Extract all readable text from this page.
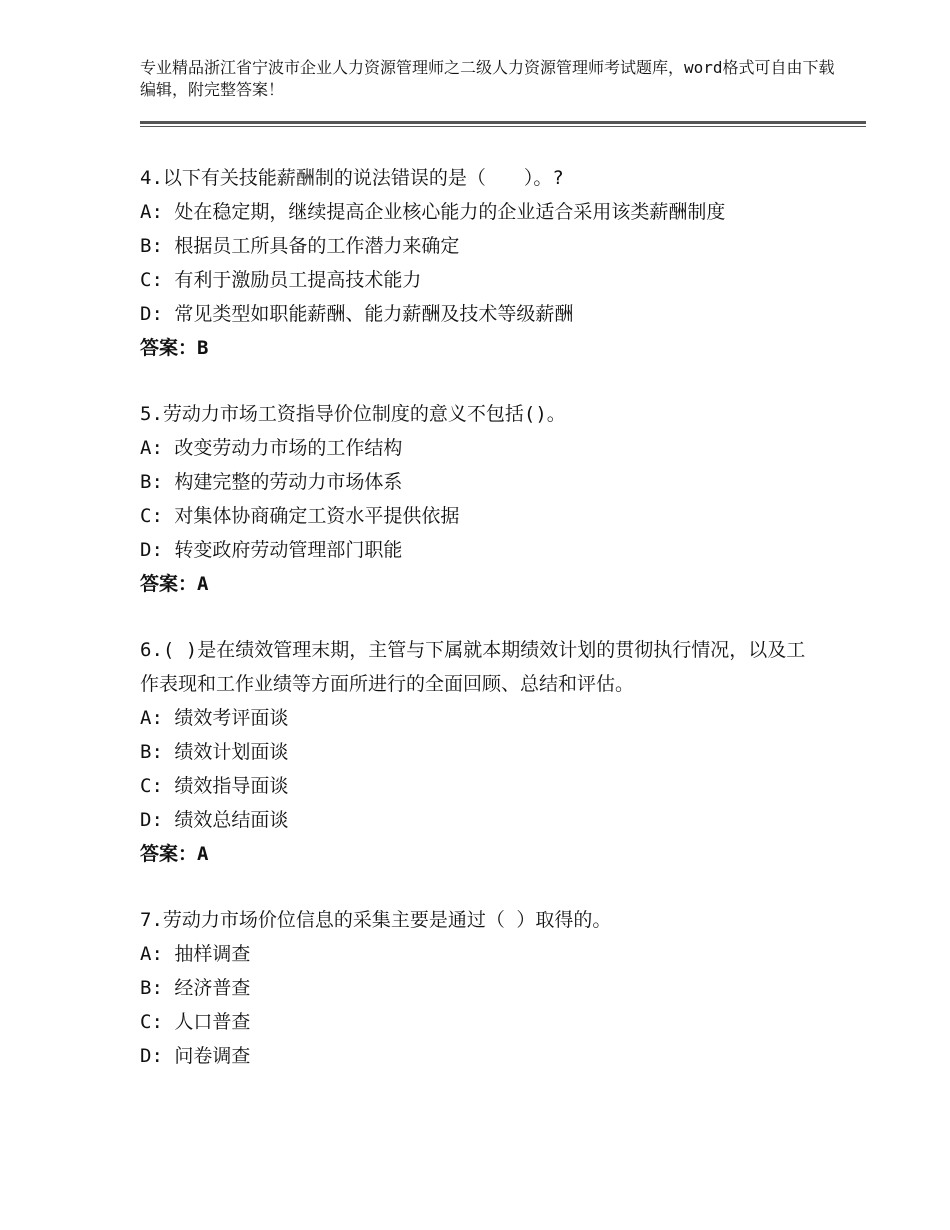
专业精品浙江省宁波市企业人力资源管理师之二级人力资源管理师考试题库，word格式可自由下载编辑，附完整答案！

4.以下有关技能薪酬制的说法错误的是（　　）。?

A: 处在稳定期，继续提高企业核心能力的企业适合采用该类薪酬制度

B: 根据员工所具备的工作潜力来确定

C: 有利于激励员工提高技术能力

D: 常见类型如职能薪酬、能力薪酬及技术等级薪酬

答案：B

5.劳动力市场工资指导价位制度的意义不包括()。

A: 改变劳动力市场的工作结构

B: 构建完整的劳动力市场体系

C: 对集体协商确定工资水平提供依据

D: 转变政府劳动管理部门职能

答案：A

6.( )是在绩效管理末期，主管与下属就本期绩效计划的贯彻执行情况，以及工作表现和工作业绩等方面所进行的全面回顾、总结和评估。

A: 绩效考评面谈

B: 绩效计划面谈

C: 绩效指导面谈

D: 绩效总结面谈

答案：A

7.劳动力市场价位信息的采集主要是通过（ ）取得的。

A: 抽样调查

B: 经济普查

C: 人口普查

D: 问卷调查
